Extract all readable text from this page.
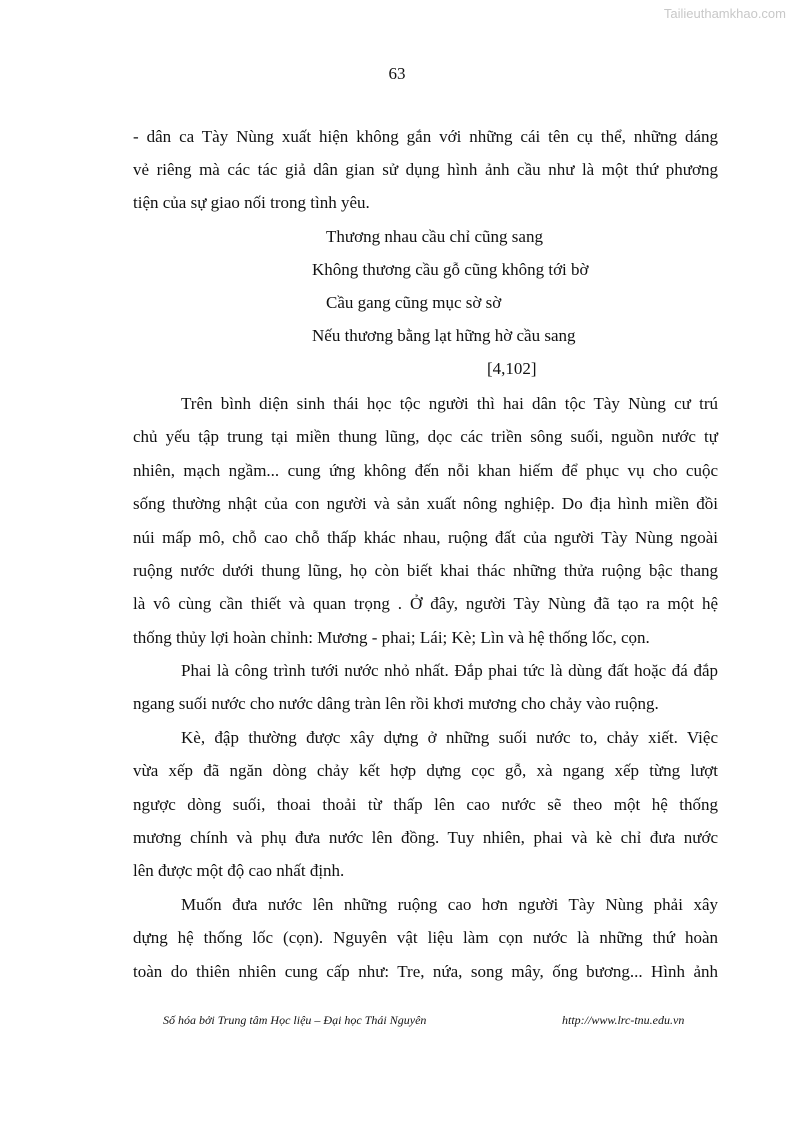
Tailieuthamkhao.com
63
- dân ca Tày Nùng xuất hiện không gắn với những cái tên cụ thể, những dáng
vẻ riêng mà các tác giả dân gian sử dụng hình ảnh cầu như là một thứ phương
tiện của sự giao nối trong tình yêu.
Thương nhau cầu chỉ cũng sang
Không thương cầu gỗ cũng không tới bờ
Cầu gang cũng mục sờ sờ
Nếu thương bằng lạt hững hờ cầu sang
[4,102]
Trên bình diện sinh thái học tộc người thì hai dân tộc Tày Nùng cư trú
chủ yếu tập trung tại miền thung lũng, dọc các triền sông suối, nguồn nước tự
nhiên, mạch ngầm... cung ứng không đến nỗi khan hiếm để phục vụ cho cuộc
sống thường nhật của con người và sản xuất nông nghiệp. Do địa hình miền đồi
núi mấp mô, chỗ cao chỗ thấp khác nhau, ruộng đất của người Tày Nùng ngoài
ruộng nước dưới thung lũng, họ còn biết khai thác những thửa ruộng bậc thang
là vô cùng cần thiết và quan trọng . Ở đây, người Tày Nùng đã tạo ra một hệ
thống thủy lợi hoàn chỉnh: Mương - phai; Lái; Kè; Lìn và hệ thống lốc, cọn.
Phai là công trình tưới nước nhỏ nhất. Đắp phai tức là dùng đất hoặc đá đắp
ngang suối nước cho nước dâng tràn lên rồi khơi mương cho chảy vào ruộng.
Kè, đập thường được xây dựng ở những suối nước to, chảy xiết. Việc
vừa xếp đã ngăn dòng chảy kết hợp dựng cọc gỗ, xà ngang xếp từng lượt
ngược dòng suối, thoai thoải từ thấp lên cao nước sẽ theo một hệ thống
mương chính và phụ đưa nước lên đồng. Tuy nhiên, phai và kè chỉ đưa nước
lên được một độ cao nhất định.
Muốn đưa nước lên những ruộng cao hơn người Tày Nùng phải xây
dựng hệ thống lốc (cọn). Nguyên vật liệu làm cọn nước là những thứ hoàn
toàn do thiên nhiên cung cấp như: Tre, nứa, song mây, ống bương... Hình ảnh
Số hóa bởi Trung tâm Học liệu – Đại học Thái Nguyên	http://www.lrc-tnu.edu.vn
